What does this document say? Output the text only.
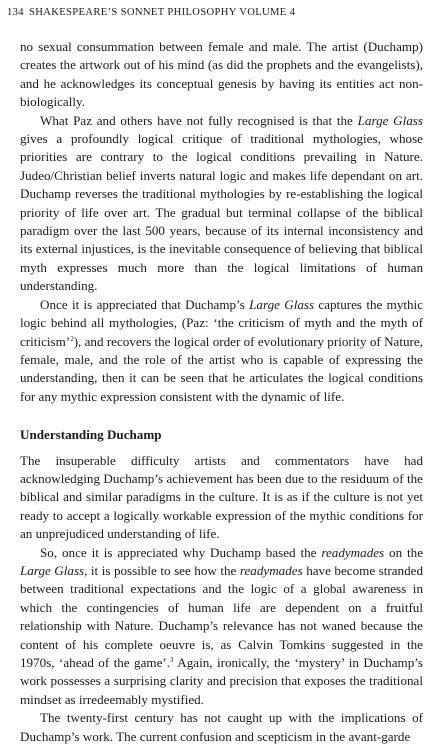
134 SHAKESPEARE’S SONNET PHILOSOPHY VOLUME 4

no sexual consummation between female and male. The artist (Duchamp) creates the artwork out of his mind (as did the prophets and the evangelists), and he acknowledges its conceptual genesis by having its entities act non-biologically.

What Paz and others have not fully recognised is that the Large Glass gives a profoundly logical critique of traditional mythologies, whose priorities are contrary to the logical conditions prevailing in Nature. Judeo/Christian belief inverts natural logic and makes life dependant on art. Duchamp reverses the traditional mythologies by re-establishing the logical priority of life over art. The gradual but terminal collapse of the biblical paradigm over the last 500 years, because of its internal inconsistency and its external injustices, is the inevitable consequence of believing that biblical myth expresses much more than the logical limitations of human understanding.

Once it is appreciated that Duchamp’s Large Glass captures the mythic logic behind all mythologies, (Paz: ‘the criticism of myth and the myth of criticism’$^2$), and recovers the logical order of evolutionary priority of Nature, female, male, and the role of the artist who is capable of expressing the understanding, then it can be seen that he articulates the logical conditions for any mythic expression consistent with the dynamic of life.

Understanding Duchamp

The insuperable difficulty artists and commentators have had acknowledging Duchamp’s achievement has been due to the residuum of the biblical and similar paradigms in the culture. It is as if the culture is not yet ready to accept a logically workable expression of the mythic conditions for an unprejudiced understanding of life.

So, once it is appreciated why Duchamp based the readymades on the Large Glass, it is possible to see how the readymades have become stranded between traditional expectations and the logic of a global awareness in which the contingencies of human life are dependent on a fruitful relationship with Nature. Duchamp’s relevance has not waned because the content of his complete oeuvre is, as Calvin Tomkins suggested in the 1970s, ‘ahead of the game’.$^3$ Again, ironically, the ‘mystery’ in Duchamp’s work possesses a surprising clarity and precision that exposes the traditional mindset as irredeemably mystified.

The twenty-first century has not caught up with the implications of Duchamp’s work. The current confusion and scepticism in the avant-garde
